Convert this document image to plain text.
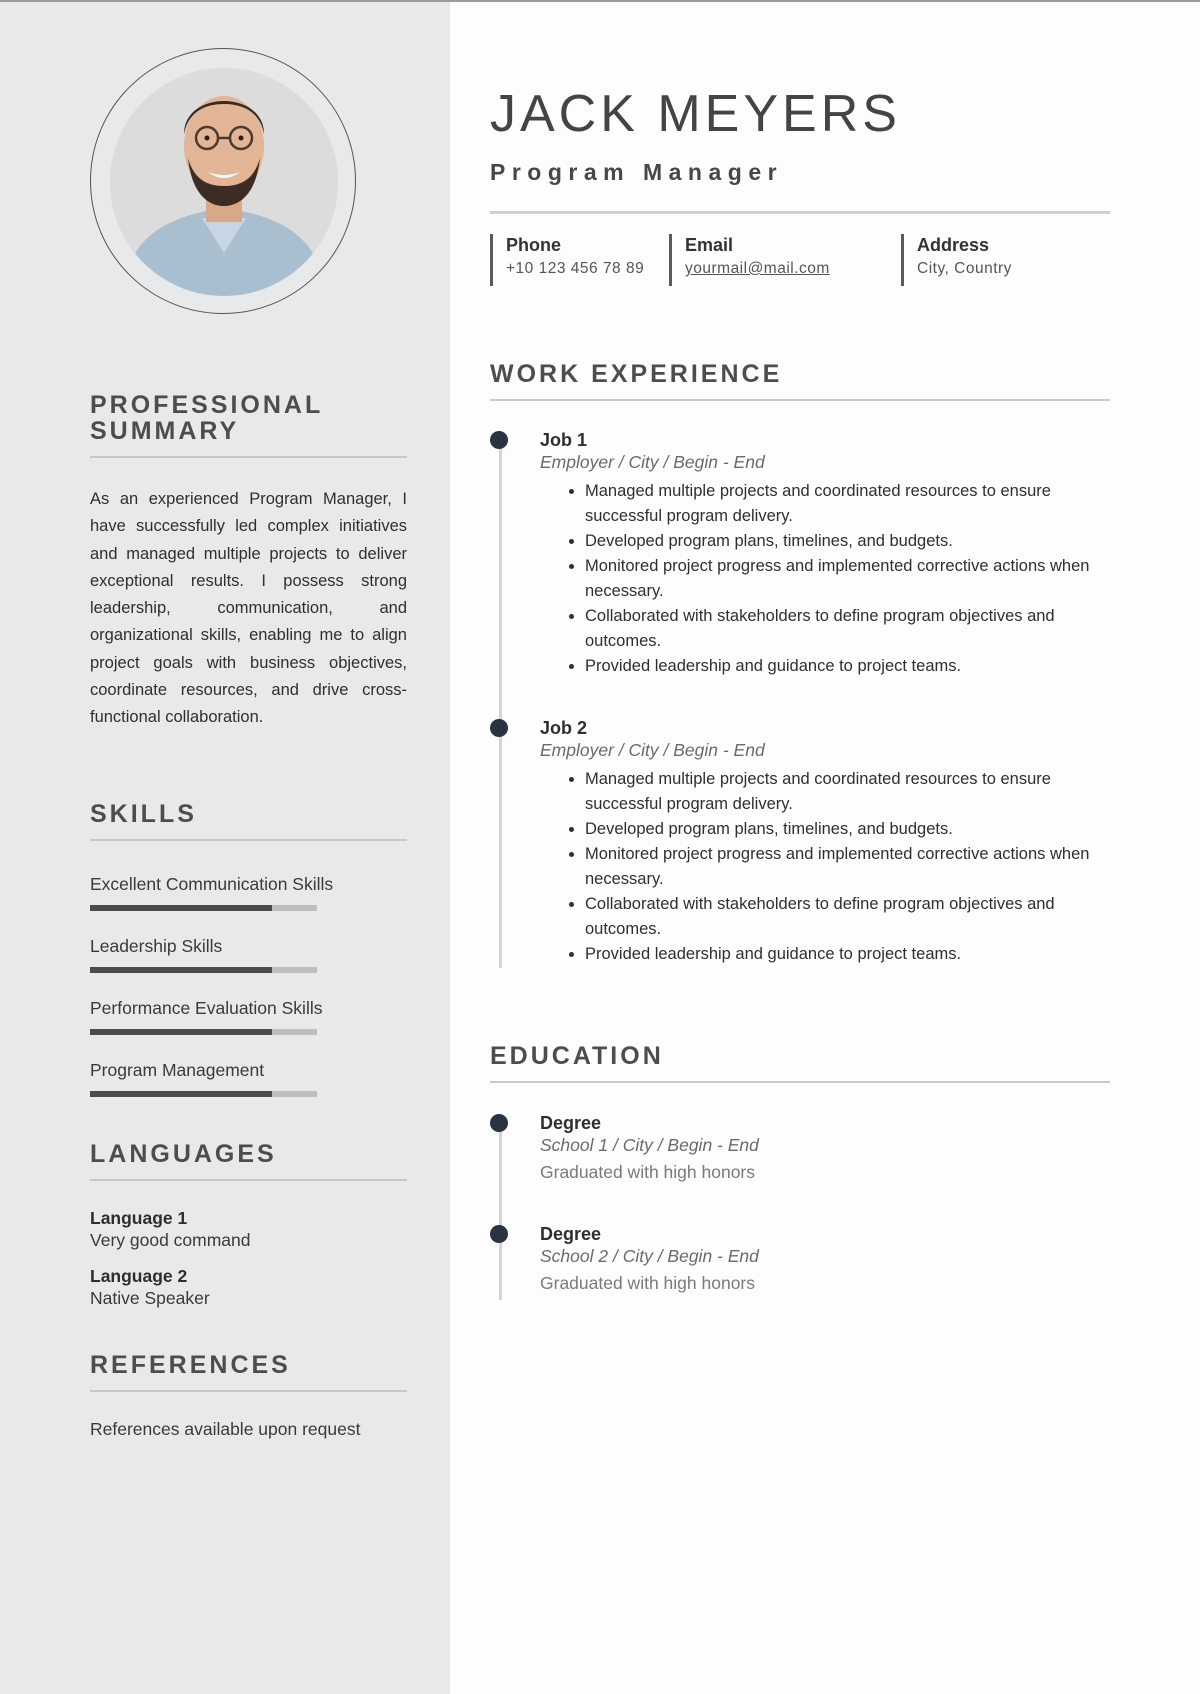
PROFESSIONAL
SUMMARY
As an experienced Program Manager, I have successfully led complex initiatives and managed multiple projects to deliver exceptional results. I possess strong leadership, communication, and organizational skills, enabling me to align project goals with business objectives, coordinate resources, and drive cross-functional collaboration.
SKILLS
Excellent Communication Skills
Leadership Skills
Performance Evaluation Skills
Program Management
LANGUAGES
Language 1
Very good command
Language 2
Native Speaker
REFERENCES
References available upon request
JACK MEYERS
Program Manager
Phone
+10 123 456 78 89
Email
yourmail@mail.com
Address
City, Country
WORK EXPERIENCE
Job 1
Employer / City / Begin - End
• Managed multiple projects and coordinated resources to ensure successful program delivery.
• Developed program plans, timelines, and budgets.
• Monitored project progress and implemented corrective actions when necessary.
• Collaborated with stakeholders to define program objectives and outcomes.
• Provided leadership and guidance to project teams.
Job 2
Employer / City / Begin - End
• Managed multiple projects and coordinated resources to ensure successful program delivery.
• Developed program plans, timelines, and budgets.
• Monitored project progress and implemented corrective actions when necessary.
• Collaborated with stakeholders to define program objectives and outcomes.
• Provided leadership and guidance to project teams.
EDUCATION
Degree
School 1 / City / Begin - End
Graduated with high honors
Degree
School 2 / City / Begin - End
Graduated with high honors
